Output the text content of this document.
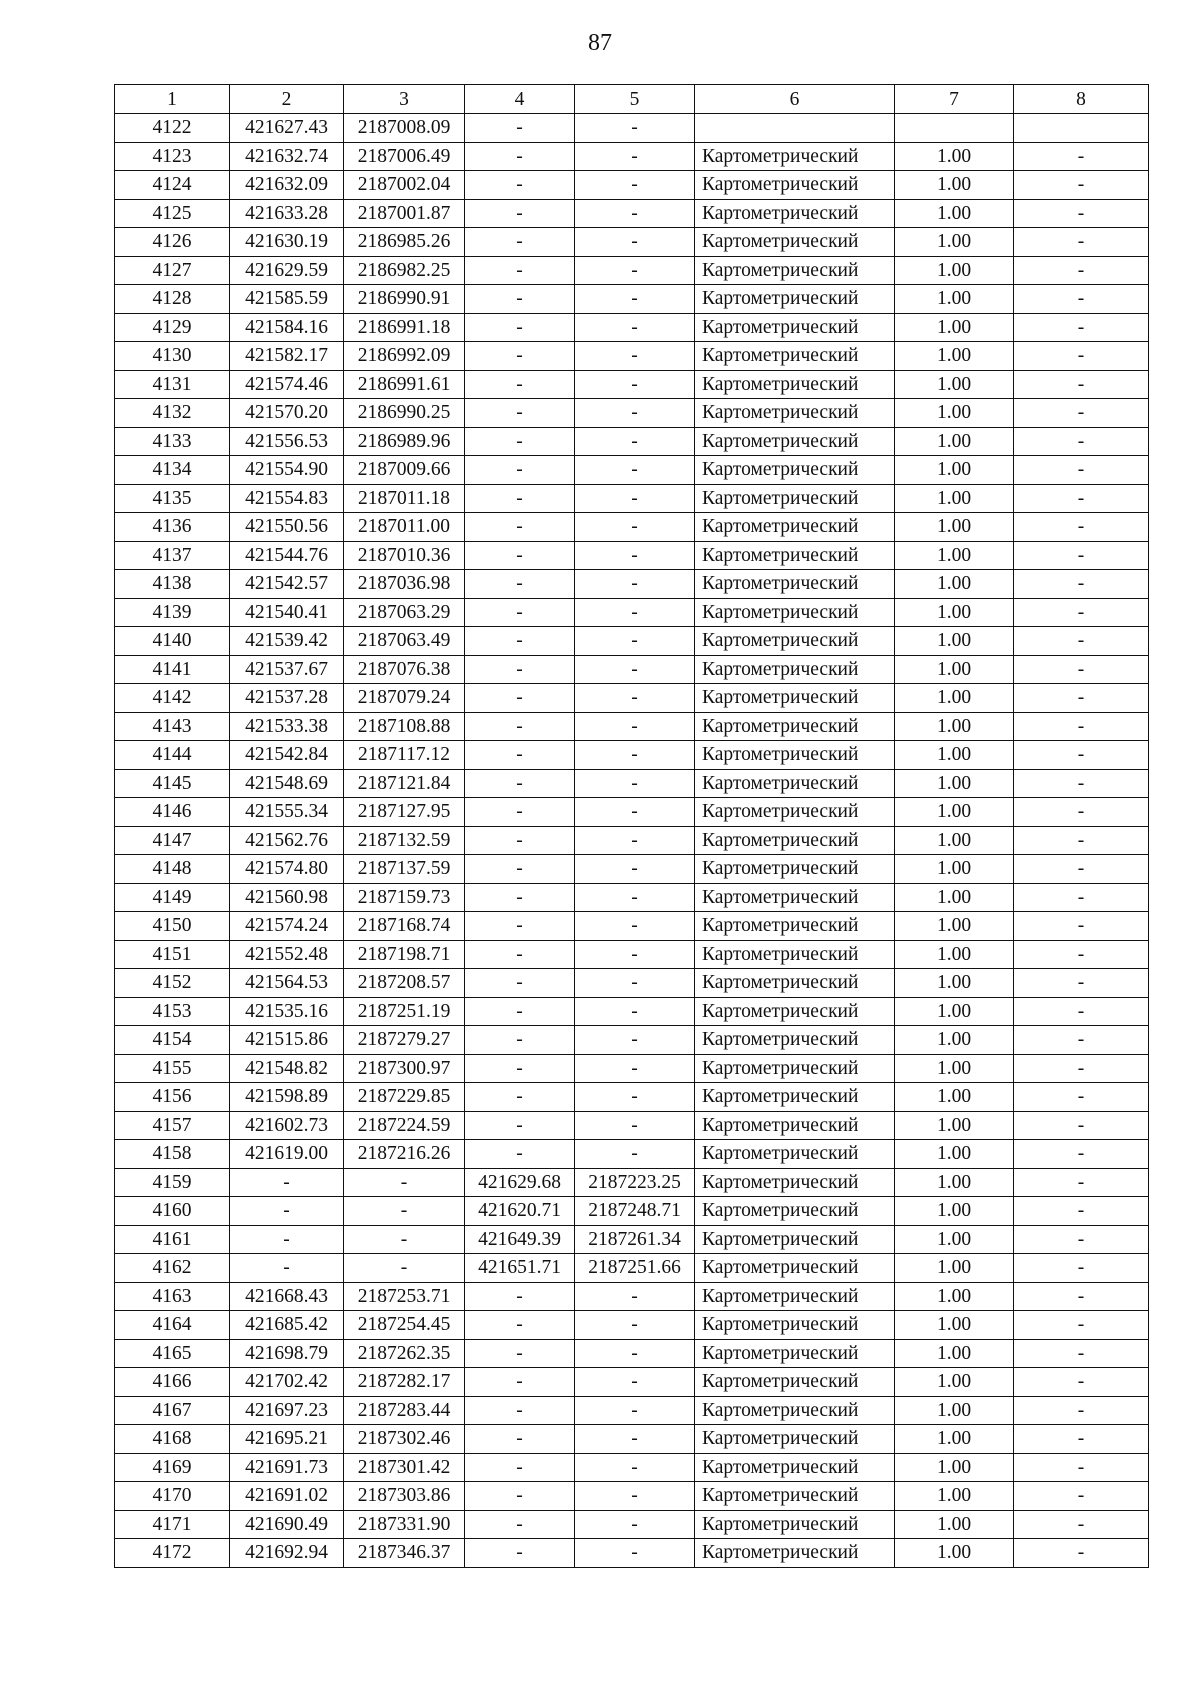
87
1	2	3	4	5	6	7	8
4122	421627.43	2187008.09	-	-			
4123	421632.74	2187006.49	-	-	Картометрический	1.00	-
4124	421632.09	2187002.04	-	-	Картометрический	1.00	-
4125	421633.28	2187001.87	-	-	Картометрический	1.00	-
4126	421630.19	2186985.26	-	-	Картометрический	1.00	-
4127	421629.59	2186982.25	-	-	Картометрический	1.00	-
4128	421585.59	2186990.91	-	-	Картометрический	1.00	-
4129	421584.16	2186991.18	-	-	Картометрический	1.00	-
4130	421582.17	2186992.09	-	-	Картометрический	1.00	-
4131	421574.46	2186991.61	-	-	Картометрический	1.00	-
4132	421570.20	2186990.25	-	-	Картометрический	1.00	-
4133	421556.53	2186989.96	-	-	Картометрический	1.00	-
4134	421554.90	2187009.66	-	-	Картометрический	1.00	-
4135	421554.83	2187011.18	-	-	Картометрический	1.00	-
4136	421550.56	2187011.00	-	-	Картометрический	1.00	-
4137	421544.76	2187010.36	-	-	Картометрический	1.00	-
4138	421542.57	2187036.98	-	-	Картометрический	1.00	-
4139	421540.41	2187063.29	-	-	Картометрический	1.00	-
4140	421539.42	2187063.49	-	-	Картометрический	1.00	-
4141	421537.67	2187076.38	-	-	Картометрический	1.00	-
4142	421537.28	2187079.24	-	-	Картометрический	1.00	-
4143	421533.38	2187108.88	-	-	Картометрический	1.00	-
4144	421542.84	2187117.12	-	-	Картометрический	1.00	-
4145	421548.69	2187121.84	-	-	Картометрический	1.00	-
4146	421555.34	2187127.95	-	-	Картометрический	1.00	-
4147	421562.76	2187132.59	-	-	Картометрический	1.00	-
4148	421574.80	2187137.59	-	-	Картометрический	1.00	-
4149	421560.98	2187159.73	-	-	Картометрический	1.00	-
4150	421574.24	2187168.74	-	-	Картометрический	1.00	-
4151	421552.48	2187198.71	-	-	Картометрический	1.00	-
4152	421564.53	2187208.57	-	-	Картометрический	1.00	-
4153	421535.16	2187251.19	-	-	Картометрический	1.00	-
4154	421515.86	2187279.27	-	-	Картометрический	1.00	-
4155	421548.82	2187300.97	-	-	Картометрический	1.00	-
4156	421598.89	2187229.85	-	-	Картометрический	1.00	-
4157	421602.73	2187224.59	-	-	Картометрический	1.00	-
4158	421619.00	2187216.26	-	-	Картометрический	1.00	-
4159	-	-	421629.68	2187223.25	Картометрический	1.00	-
4160	-	-	421620.71	2187248.71	Картометрический	1.00	-
4161	-	-	421649.39	2187261.34	Картометрический	1.00	-
4162	-	-	421651.71	2187251.66	Картометрический	1.00	-
4163	421668.43	2187253.71	-	-	Картометрический	1.00	-
4164	421685.42	2187254.45	-	-	Картометрический	1.00	-
4165	421698.79	2187262.35	-	-	Картометрический	1.00	-
4166	421702.42	2187282.17	-	-	Картометрический	1.00	-
4167	421697.23	2187283.44	-	-	Картометрический	1.00	-
4168	421695.21	2187302.46	-	-	Картометрический	1.00	-
4169	421691.73	2187301.42	-	-	Картометрический	1.00	-
4170	421691.02	2187303.86	-	-	Картометрический	1.00	-
4171	421690.49	2187331.90	-	-	Картометрический	1.00	-
4172	421692.94	2187346.37	-	-	Картометрический	1.00	-
